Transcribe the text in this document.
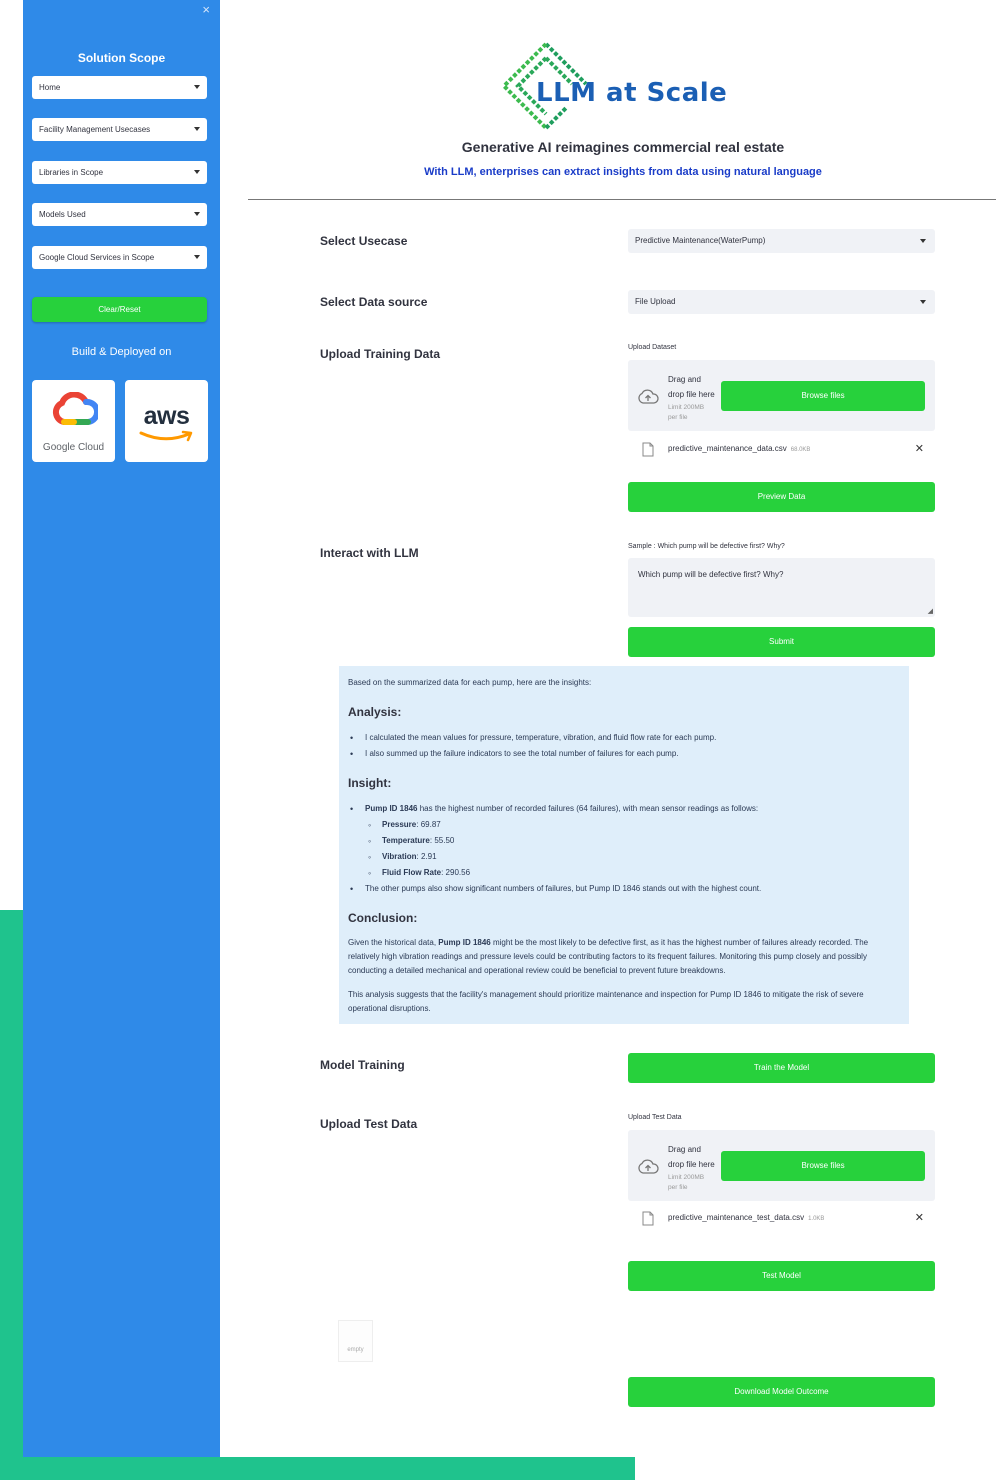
×
Solution Scope
Home
Facility Management Usecases
Libraries in Scope
Models Used
Google Cloud Services in Scope
Clear/Reset
Build & Deployed on
Google Cloud
aws
LLM at Scale
Generative AI reimagines commercial real estate
With LLM, enterprises can extract insights from data using natural language
Select Usecase	Predictive Maintenance(WaterPump)
Select Data source	File Upload
Upload Training Data	Upload Dataset
Drag and
drop file here
Limit 200MB
per file
Browse files
predictive_maintenance_data.csv 68.0KB	✕
Preview Data
Interact with LLM	Sample : Which pump will be defective first? Why?
Which pump will be defective first? Why?
◢
Submit

Based on the summarized data for each pump, here are the insights:

Analysis:
• I calculated the mean values for pressure, temperature, vibration, and fluid flow rate for each pump.
• I also summed up the failure indicators to see the total number of failures for each pump.
Insight:
• Pump ID 1846 has the highest number of recorded failures (64 failures), with mean sensor readings as follows:
◦ Pressure: 69.87
◦ Temperature: 55.50
◦ Vibration: 2.91
◦ Fluid Flow Rate: 290.56
• The other pumps also show significant numbers of failures, but Pump ID 1846 stands out with the highest count.
Conclusion:

Given the historical data, Pump ID 1846 might be the most likely to be defective first, as it has the highest number of failures already recorded. The relatively high vibration readings and pressure levels could be contributing factors to its frequent failures. Monitoring this pump closely and possibly conducting a detailed mechanical and operational review could be beneficial to prevent future breakdowns.

This analysis suggests that the facility's management should prioritize maintenance and inspection for Pump ID 1846 to mitigate the risk of severe operational disruptions.

Model Training	Train the Model
Upload Test Data	Upload Test Data
Drag and
drop file here
Limit 200MB
per file
Browse files
predictive_maintenance_test_data.csv 1.0KB	✕
Test Model
empty
Download Model Outcome
